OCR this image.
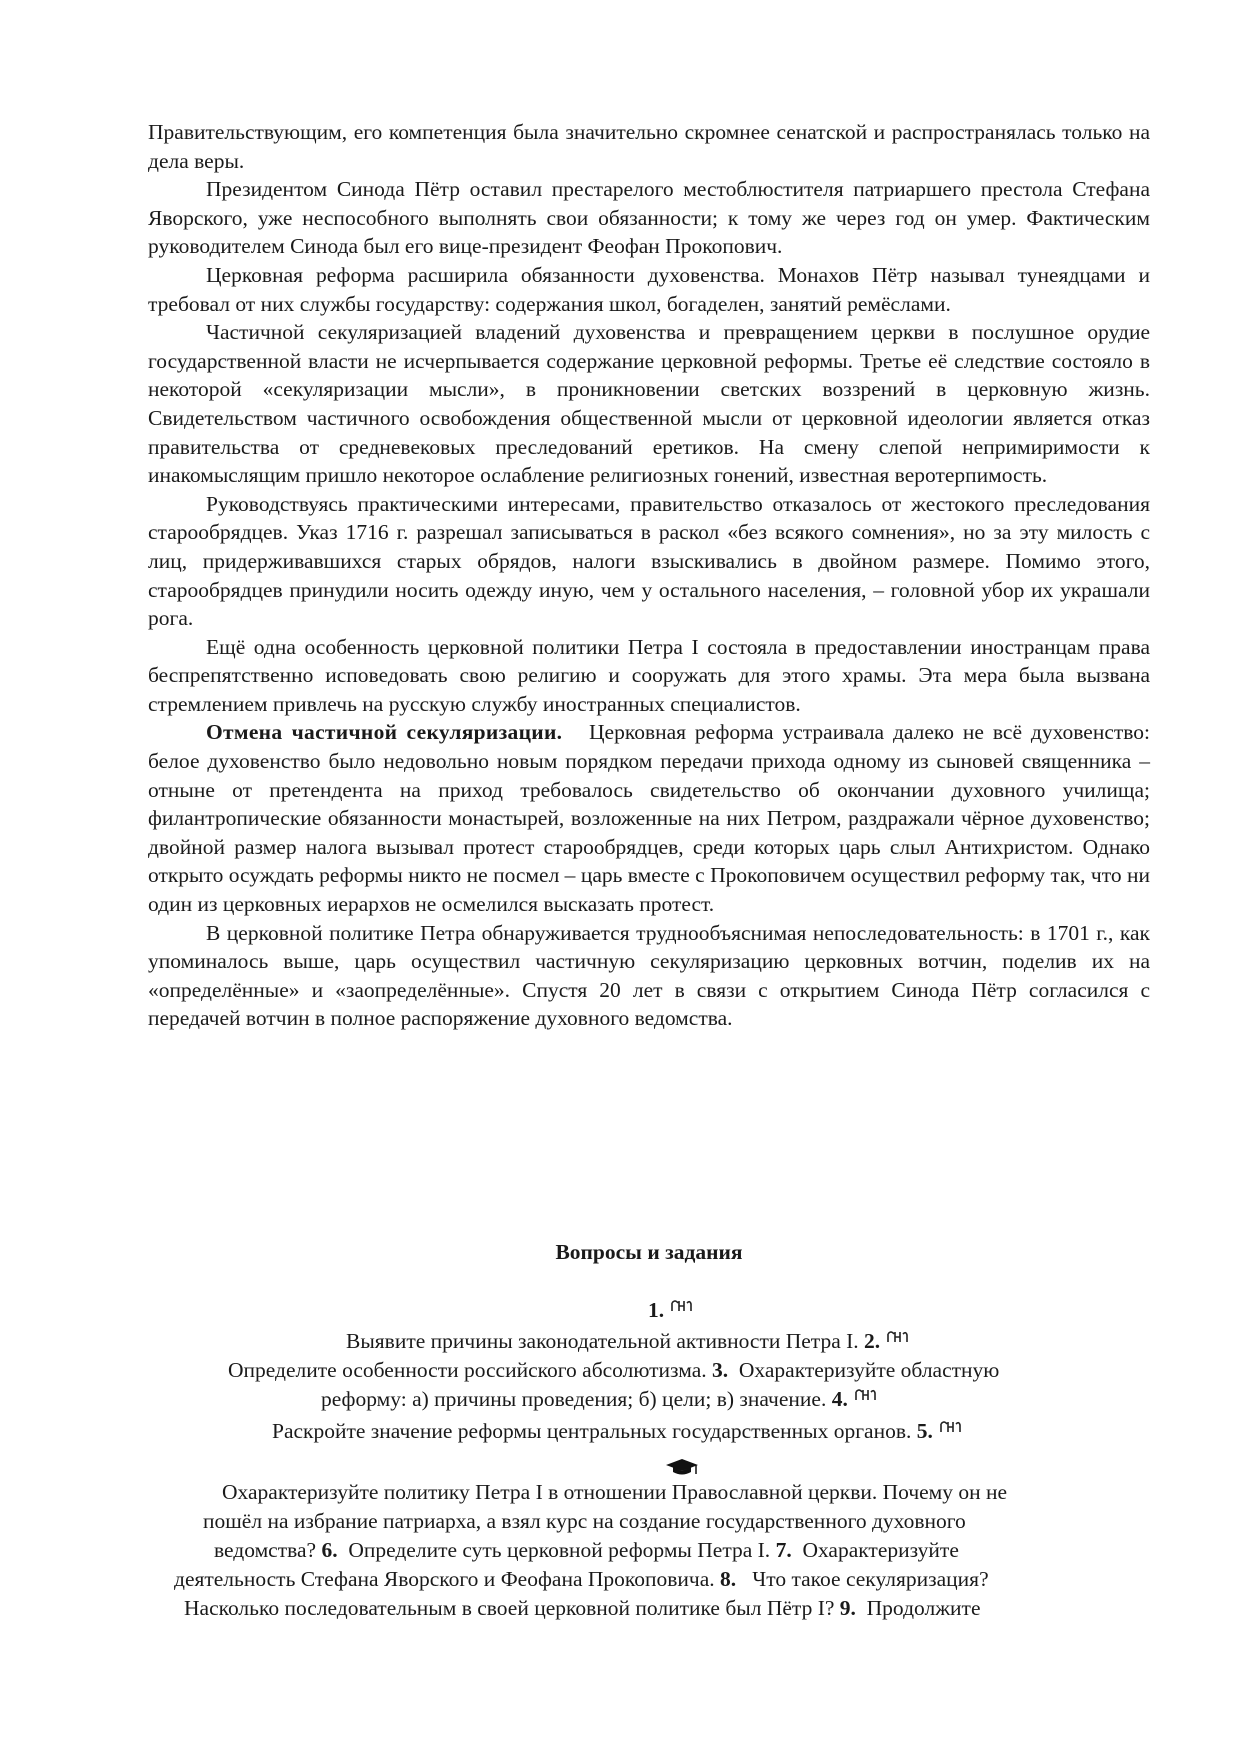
Правительствующим, его компетенция была значительно скромнее сенатской и распространялась только на дела веры.

Президентом Синода Пётр оставил престарелого местоблюстителя патриаршего престола Стефана Яворского, уже неспособного выполнять свои обязанности; к тому же через год он умер. Фактическим руководителем Синода был его вице-президент Феофан Прокопович.

Церковная реформа расширила обязанности духовенства. Монахов Пётр называл тунеядцами и требовал от них службы государству: содержания школ, богаделен, занятий ремёслами.

Частичной секуляризацией владений духовенства и превращением церкви в послушное орудие государственной власти не исчерпывается содержание церковной реформы. Третье её следствие состояло в некоторой «секуляризации мысли», в проникновении светских воззрений в церковную жизнь. Свидетельством частичного освобождения общественной мысли от церковной идеологии является отказ правительства от средневековых преследований еретиков. На смену слепой непримиримости к инакомыслящим пришло некоторое ослабление религиозных гонений, известная веротерпимость.

Руководствуясь практическими интересами, правительство отказалось от жестокого преследования старообрядцев. Указ 1716 г. разрешал записываться в раскол «без всякого сомнения», но за эту милость с лиц, придерживавшихся старых обрядов, налоги взыскивались в двойном размере. Помимо этого, старообрядцев принудили носить одежду иную, чем у остального населения, – головной убор их украшали рога.

Ещё одна особенность церковной политики Петра I состояла в предоставлении иностранцам права беспрепятственно исповедовать свою религию и сооружать для этого храмы. Эта мера была вызвана стремлением привлечь на русскую службу иностранных специалистов.

Отмена частичной секуляризации. Церковная реформа устраивала далеко не всё духовенство: белое духовенство было недовольно новым порядком передачи прихода одному из сыновей священника – отныне от претендента на приход требовалось свидетельство об окончании духовного училища; филантропические обязанности монастырей, возложенные на них Петром, раздражали чёрное духовенство; двойной размер налога вызывал протест старообрядцев, среди которых царь слыл Антихристом. Однако открыто осуждать реформы никто не посмел – царь вместе с Прокоповичем осуществил реформу так, что ни один из церковных иерархов не осмелился высказать протест.

В церковной политике Петра обнаруживается труднообъяснимая непоследовательность: в 1701 г., как упоминалось выше, царь осуществил частичную секуляризацию церковных вотчин, поделив их на «определённые» и «заопределённые». Спустя 20 лет в связи с открытием Синода Пётр согласился с передачей вотчин в полное распоряжение духовного ведомства.

Вопросы и задания
1.
Выявите причины законодательной активности Петра I. 2.
Определите особенности российского абсолютизма. 3. Охарактеризуйте областную
реформу: а) причины проведения; б) цели; в) значение. 4.
Раскройте значение реформы центральных государственных органов. 5.
Охарактеризуйте политику Петра I в отношении Православной церкви. Почему он не
пошёл на избрание патриарха, а взял курс на создание государственного духовного
ведомства? 6. Определите суть церковной реформы Петра I. 7. Охарактеризуйте
деятельность Стефана Яворского и Феофана Прокоповича. 8. Что такое секуляризация?
Насколько последовательным в своей церковной политике был Пётр I? 9. Продолжите
